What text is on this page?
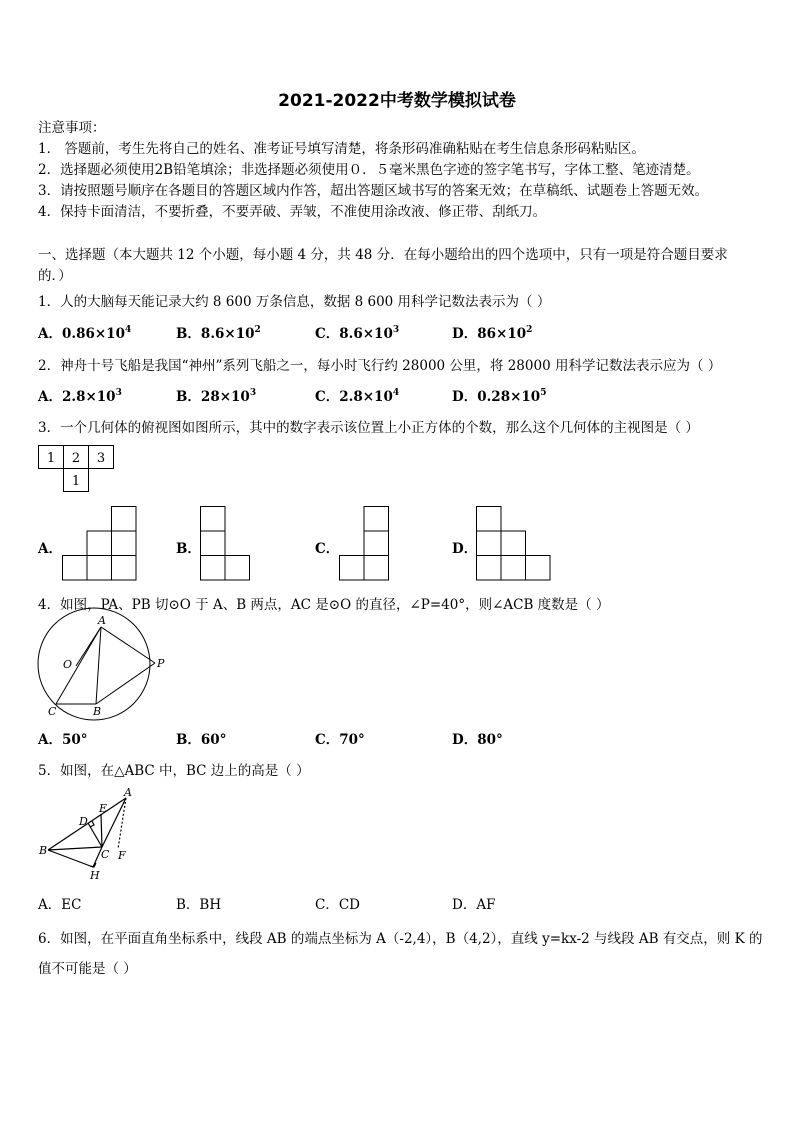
2021-2022中考数学模拟试卷
注意事项：
1． 答题前，考生先将自己的姓名、准考证号填写清楚，将条形码准确粘贴在考生信息条形码粘贴区。
2．选择题必须使用2B铅笔填涂；非选择题必须使用０．５毫米黑色字迹的签字笔书写，字体工整、笔迹清楚。
3．请按照题号顺序在各题目的答题区域内作答，超出答题区域书写的答案无效；在草稿纸、试题卷上答题无效。
4．保持卡面清洁，不要折叠，不要弄破、弄皱，不准使用涂改液、修正带、刮纸刀。
一、选择题（本大题共 12 个小题，每小题 4 分，共 48 分．在每小题给出的四个选项中，只有一项是符合题目要求
的．）
1．人的大脑每天能记录大约 8 600 万条信息，数据 8 600 用科学记数法表示为（ ）
A．$0.86\times 10^4$	B．$8.6\times 10^2$	C．$8.6\times 10^3$	D．$86\times 10^2$
2．神舟十号飞船是我国“神州”系列飞船之一，每小时飞行约 28000 公里，将 28000 用科学记数法表示应为（ ）
A．$2.8\times 10^3$	B．$28\times 10^3$	C．$2.8\times 10^4$	D．$0.28\times 10^5$
3．一个几何体的俯视图如图所示，其中的数字表示该位置上小正方体的个数，那么这个几何体的主视图是（ ）
1 2 3
1
A．	B．	C．	D．
4．如图，PA、PB 切⊙O 于 A、B 两点，AC 是⊙O 的直径，∠P=40°，则∠ACB 度数是（ ）
A
O	P
C	B
A．50°	B．60°	C．70°	D．80°
5．如图，在△ABC 中，BC 边上的高是（ ）
A
E
D
B	C F
H
A．EC	B．BH	C．CD	D．AF
6．如图，在平面直角坐标系中，线段 AB 的端点坐标为 A（-2,4），B（4,2），直线 y=kx-2 与线段 AB 有交点，则 K 的
值不可能是（ ）
